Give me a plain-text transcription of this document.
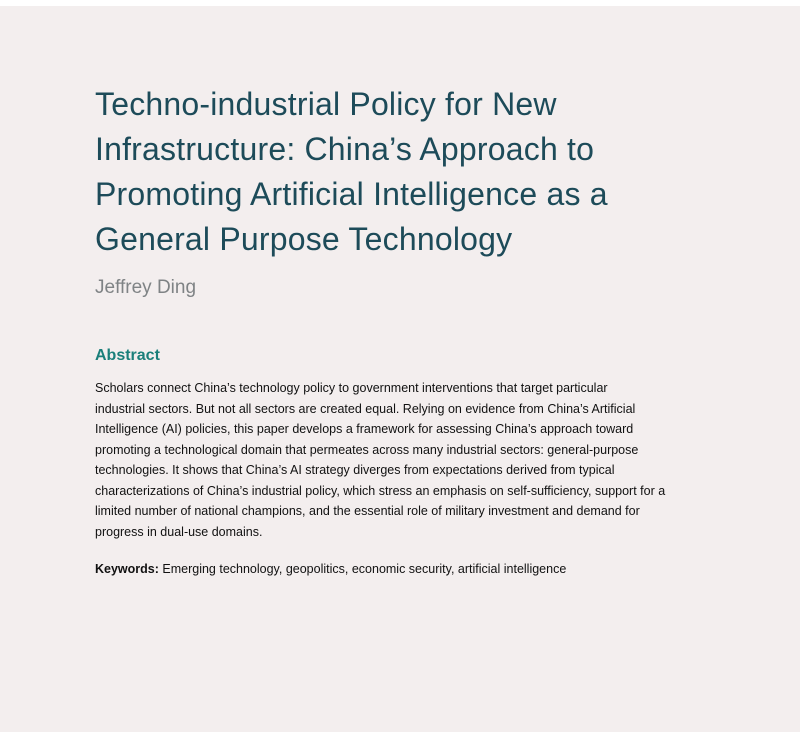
Techno-industrial Policy for New
Infrastructure: China’s Approach to
Promoting Artificial Intelligence as a
General Purpose Technology
Jeffrey Ding
Abstract

Scholars connect China’s technology policy to government interventions that target particular
industrial sectors. But not all sectors are created equal. Relying on evidence from China’s Artificial
Intelligence (AI) policies, this paper develops a framework for assessing China’s approach toward
promoting a technological domain that permeates across many industrial sectors: general-purpose
technologies. It shows that China’s AI strategy diverges from expectations derived from typical
characterizations of China’s industrial policy, which stress an emphasis on self-sufficiency, support for a
limited number of national champions, and the essential role of military investment and demand for
progress in dual-use domains.

Keywords: Emerging technology, geopolitics, economic security, artificial intelligence
